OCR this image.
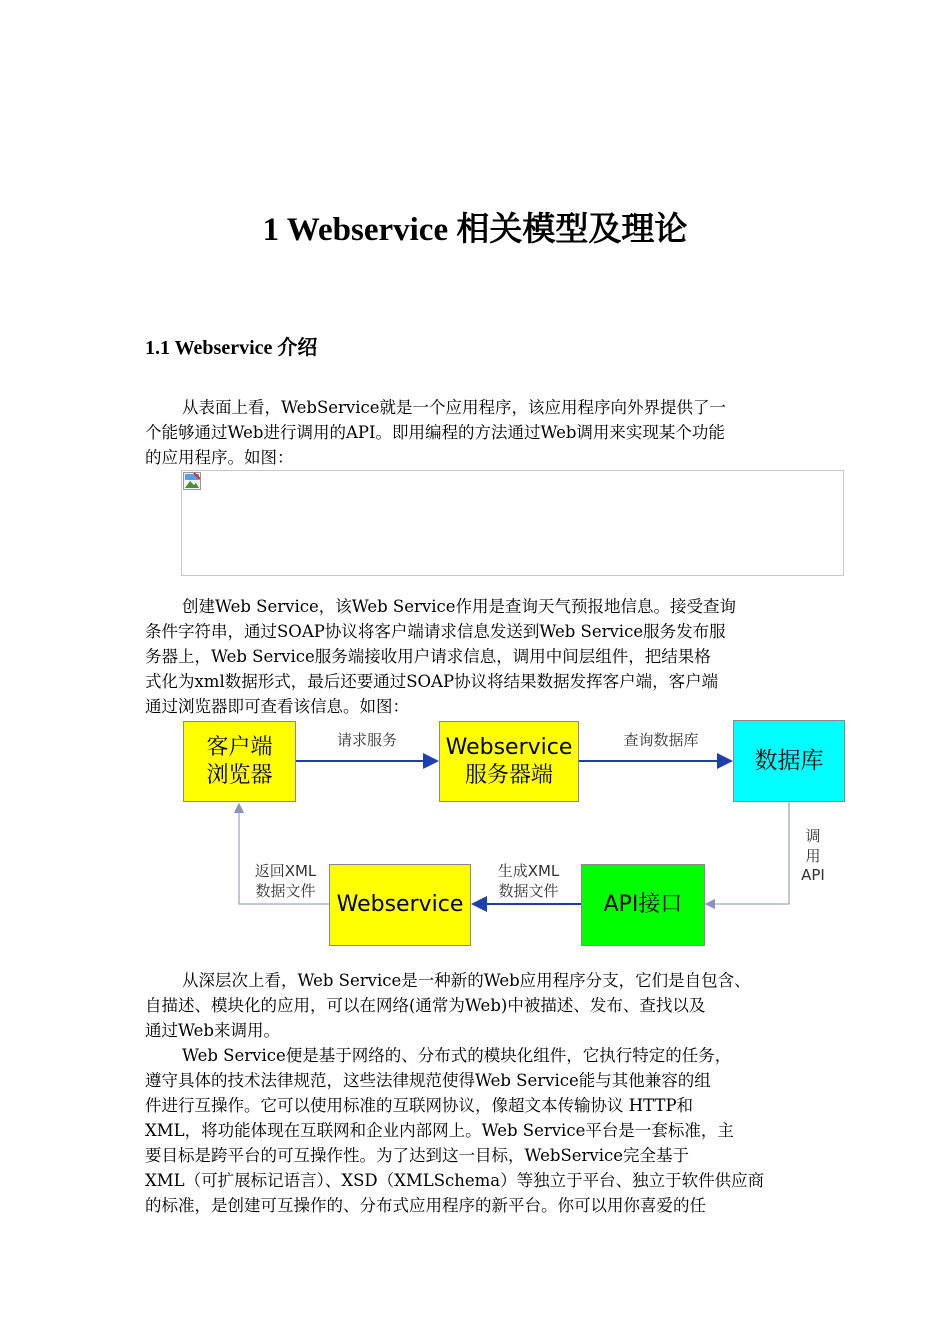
1 Webservice 相关模型及理论
1.1 Webservice 介绍
从表面上看，WebService就是一个应用程序，该应用程序向外界提供了一
个能够通过Web进行调用的API。即用编程的方法通过Web调用来实现某个功能
的应用程序。如图：
创建Web Service，该Web Service作用是查询天气预报地信息。接受查询
条件字符串，通过SOAP协议将客户端请求信息发送到Web Service服务发布服
务器上，Web Service服务端接收用户请求信息，调用中间层组件，把结果格
式化为xml数据形式，最后还要通过SOAP协议将结果数据发挥客户端，客户端
通过浏览器即可查看该信息。如图：
客户端
浏览器
Webservice
服务器端
数据库
Webservice	API接口
请求服务	查询数据库
调
用
API
生成XML
数据文件
返回XML
数据文件
从深层次上看，Web Service是一种新的Web应用程序分支，它们是自包含、
自描述、模块化的应用，可以在网络(通常为Web)中被描述、发布、查找以及
通过Web来调用。
Web Service便是基于网络的、分布式的模块化组件，它执行特定的任务，
遵守具体的技术法律规范，这些法律规范使得Web Service能与其他兼容的组
件进行互操作。它可以使用标准的互联网协议，像超文本传输协议 HTTP和
XML，将功能体现在互联网和企业内部网上。Web Service平台是一套标准，主
要目标是跨平台的可互操作性。为了达到这一目标，WebService完全基于
XML（可扩展标记语言）、XSD（XMLSchema）等独立于平台、独立于软件供应商
的标准，是创建可互操作的、分布式应用程序的新平台。你可以用你喜爱的任
